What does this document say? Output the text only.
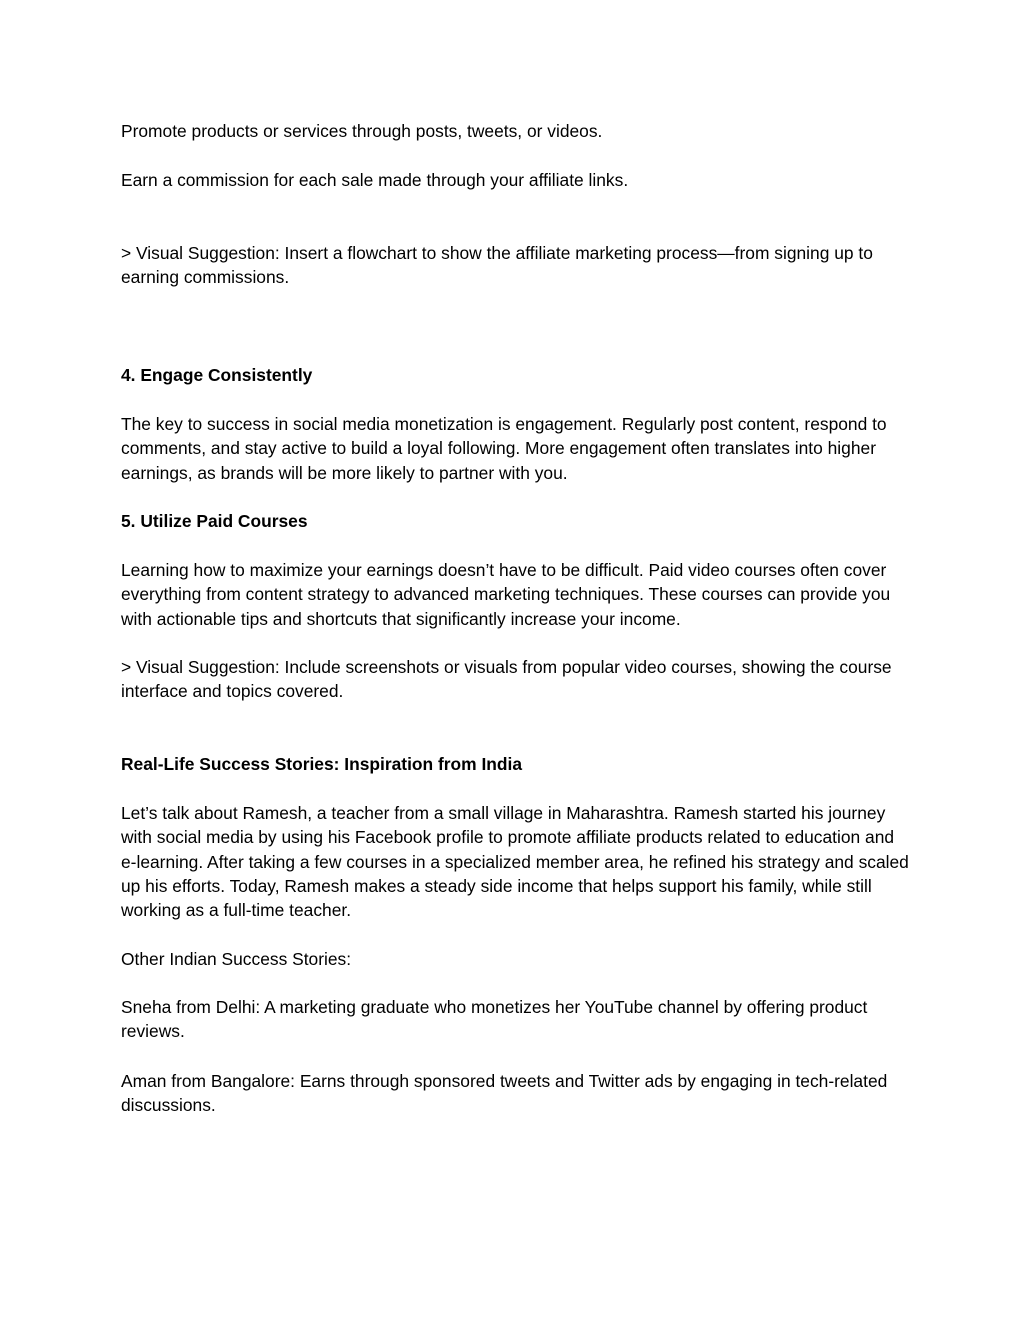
Promote products or services through posts, tweets, or videos.

Earn a commission for each sale made through your affiliate links.

> Visual Suggestion: Insert a flowchart to show the affiliate marketing process—from signing up to earning commissions.

4. Engage Consistently

The key to success in social media monetization is engagement. Regularly post content, respond to comments, and stay active to build a loyal following. More engagement often translates into higher earnings, as brands will be more likely to partner with you.

5. Utilize Paid Courses

Learning how to maximize your earnings doesn’t have to be difficult. Paid video courses often cover everything from content strategy to advanced marketing techniques. These courses can provide you with actionable tips and shortcuts that significantly increase your income.

> Visual Suggestion: Include screenshots or visuals from popular video courses, showing the course interface and topics covered.

Real-Life Success Stories: Inspiration from India

Let’s talk about Ramesh, a teacher from a small village in Maharashtra. Ramesh started his journey with social media by using his Facebook profile to promote affiliate products related to education and e-learning. After taking a few courses in a specialized member area, he refined his strategy and scaled up his efforts. Today, Ramesh makes a steady side income that helps support his family, while still working as a full-time teacher.

Other Indian Success Stories:

Sneha from Delhi: A marketing graduate who monetizes her YouTube channel by offering product reviews.

Aman from Bangalore: Earns through sponsored tweets and Twitter ads by engaging in tech-related discussions.
